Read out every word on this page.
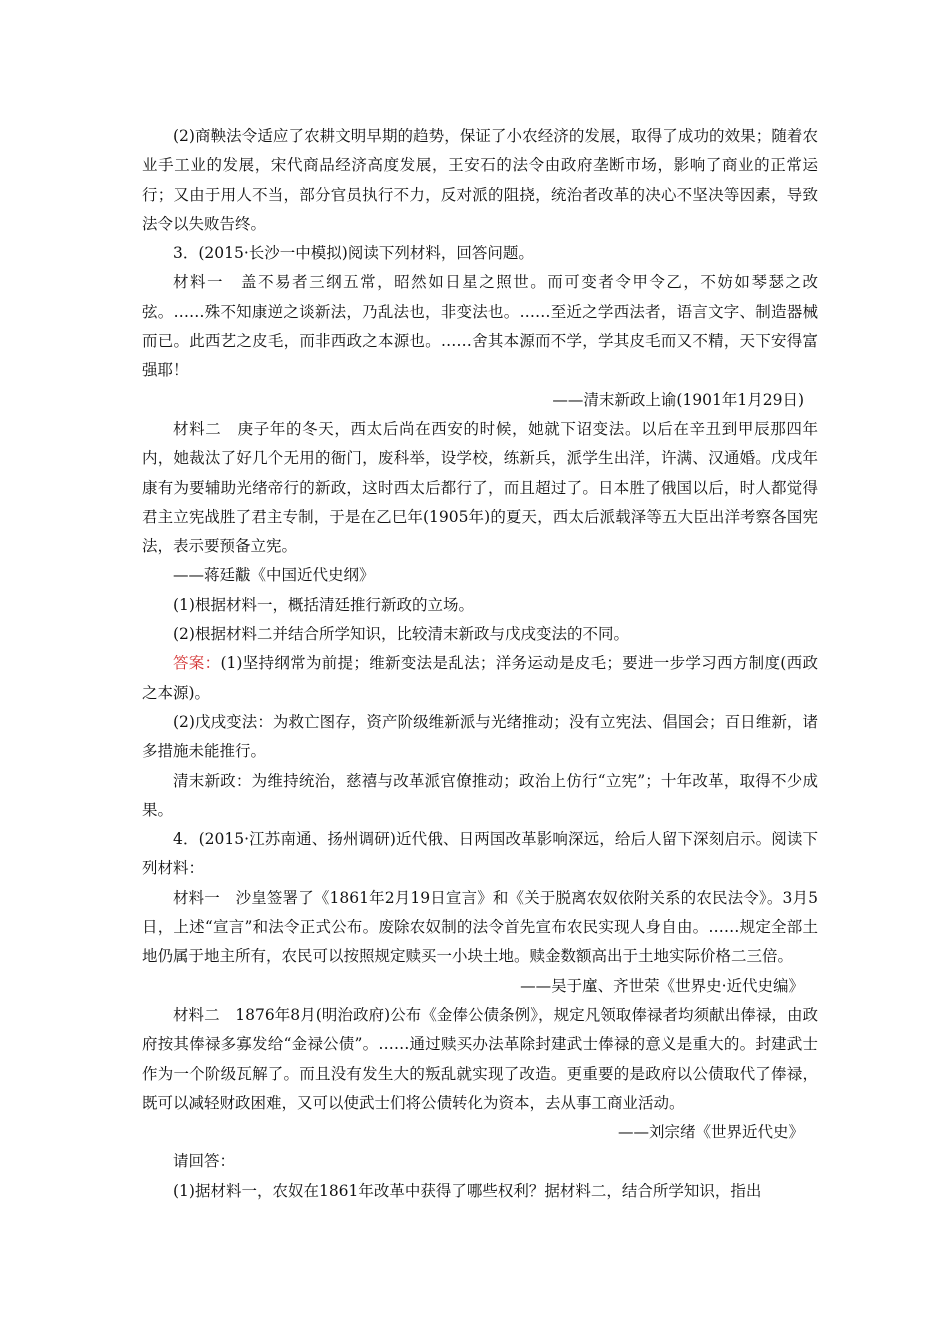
(2)商鞅法令适应了农耕文明早期的趋势，保证了小农经济的发展，取得了成功的效果；随着农业手工业的发展，宋代商品经济高度发展，王安石的法令由政府垄断市场，影响了商业的正常运行；又由于用人不当，部分官员执行不力，反对派的阻挠，统治者改革的决心不坚决等因素，导致法令以失败告终。

3．(2015·长沙一中模拟)阅读下列材料，回答问题。

材料一　盖不易者三纲五常，昭然如日星之照世。而可变者令甲令乙，不妨如琴瑟之改弦。……殊不知康逆之谈新法，乃乱法也，非变法也。……至近之学西法者，语言文字、制造器械而已。此西艺之皮毛，而非西政之本源也。……舍其本源而不学，学其皮毛而又不精，天下安得富强耶！

——清末新政上谕(1901年1月29日)

材料二　庚子年的冬天，西太后尚在西安的时候，她就下诏变法。以后在辛丑到甲辰那四年内，她裁汰了好几个无用的衙门，废科举，设学校，练新兵，派学生出洋，许满、汉通婚。戊戌年康有为要辅助光绪帝行的新政，这时西太后都行了，而且超过了。日本胜了俄国以后，时人都觉得君主立宪战胜了君主专制，于是在乙巳年(1905年)的夏天，西太后派载泽等五大臣出洋考察各国宪法，表示要预备立宪。

——蒋廷黻《中国近代史纲》

(1)根据材料一，概括清廷推行新政的立场。

(2)根据材料二并结合所学知识，比较清末新政与戊戌变法的不同。

答案：(1)坚持纲常为前提；维新变法是乱法；洋务运动是皮毛；要进一步学习西方制度(西政之本源)。

(2)戊戌变法：为救亡图存，资产阶级维新派与光绪推动；没有立宪法、倡国会；百日维新，诸多措施未能推行。

清末新政：为维持统治，慈禧与改革派官僚推动；政治上仿行“立宪”；十年改革，取得不少成果。

4．(2015·江苏南通、扬州调研)近代俄、日两国改革影响深远，给后人留下深刻启示。阅读下列材料：

材料一　沙皇签署了《1861年2月19日宣言》和《关于脱离农奴依附关系的农民法令》。3月5日，上述“宣言”和法令正式公布。废除农奴制的法令首先宣布农民实现人身自由。……规定全部土地仍属于地主所有，农民可以按照规定赎买一小块土地。赎金数额高出于土地实际价格二三倍。

——吴于廑、齐世荣《世界史·近代史编》

材料二　1876年8月(明治政府)公布《金俸公债条例》，规定凡领取俸禄者均须献出俸禄，由政府按其俸禄多寡发给“金禄公债”。……通过赎买办法革除封建武士俸禄的意义是重大的。封建武士作为一个阶级瓦解了。而且没有发生大的叛乱就实现了改造。更重要的是政府以公债取代了俸禄，既可以减轻财政困难，又可以使武士们将公债转化为资本，去从事工商业活动。

——刘宗绪《世界近代史》

请回答：

(1)据材料一，农奴在1861年改革中获得了哪些权利？据材料二，结合所学知识，指出
